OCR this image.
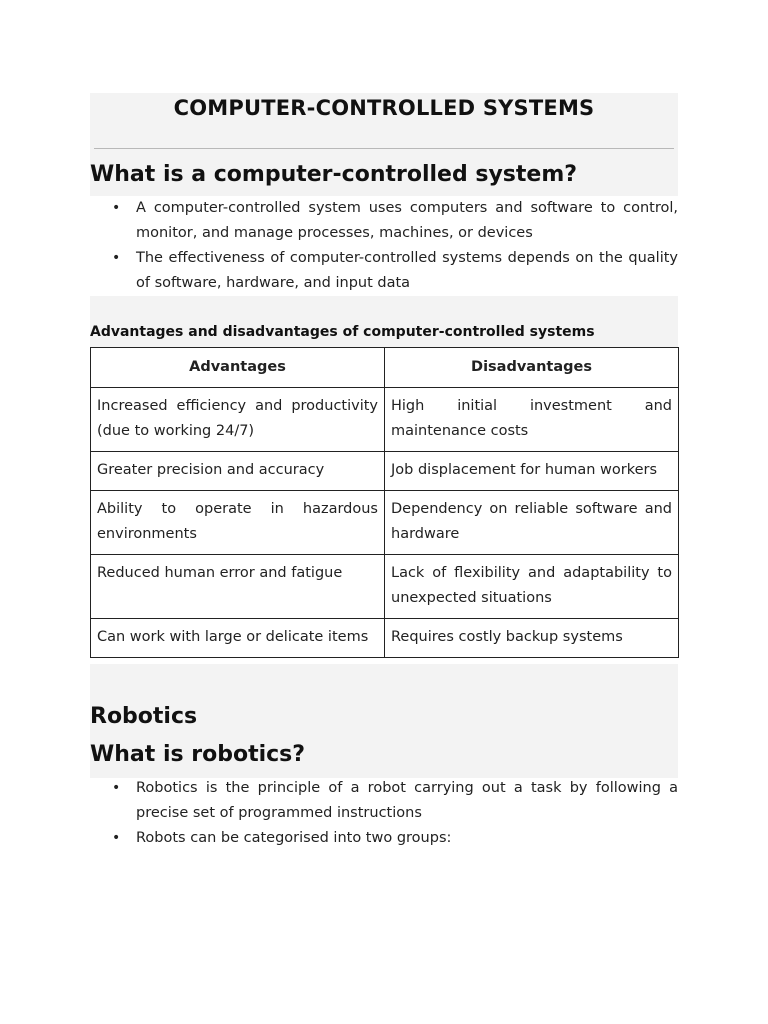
COMPUTER-CONTROLLED SYSTEMS
What is a computer-controlled system?
• A computer-controlled system uses computers and software to control, monitor, and manage processes, machines, or devices
• The effectiveness of computer-controlled systems depends on the quality of software, hardware, and input data
Advantages and disadvantages of computer-controlled systems
Advantages	Disadvantages
Increased efficiency and productivity (due to working 24/7)	High initial investment and maintenance costs
Greater precision and accuracy	Job displacement for human workers
Ability to operate in hazardous environments	Dependency on reliable software and hardware
Reduced human error and fatigue	Lack of flexibility and adaptability to unexpected situations
Can work with large or delicate items	Requires costly backup systems
Robotics
What is robotics?
• Robotics is the principle of a robot carrying out a task by following a precise set of programmed instructions
• Robots can be categorised into two groups:
